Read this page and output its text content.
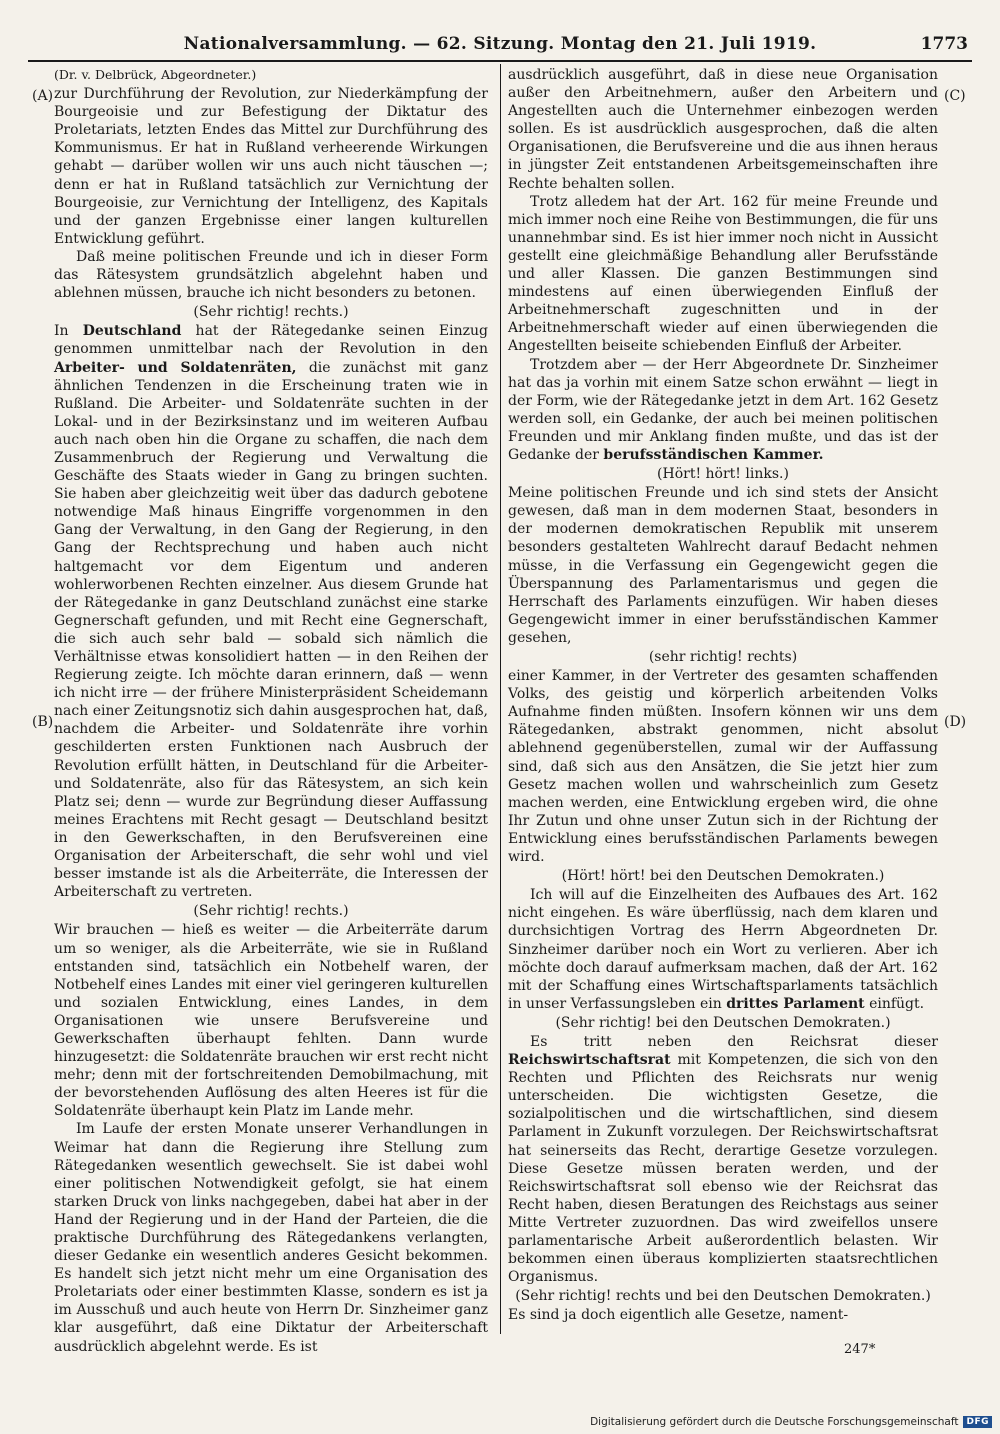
Nationalversammlung. — 62. Sitzung. Montag den 21. Juli 1919.	1773
(A)
(B)
(C)
(D)
(Dr. v. Delbrück, Abgeordneter.)

zur Durchführung der Revolution, zur Niederkämpfung der Bourgeoisie und zur Befestigung der Diktatur des Proletariats, letzten Endes das Mittel zur Durchführung des Kommunismus. Er hat in Rußland verheerende Wirkungen gehabt — darüber wollen wir uns auch nicht täuschen —; denn er hat in Rußland tatsächlich zur Vernichtung der Bourgeoisie, zur Vernichtung der Intelligenz, des Kapitals und der ganzen Ergebnisse einer langen kulturellen Entwicklung geführt.

Daß meine politischen Freunde und ich in dieser Form das Rätesystem grundsätzlich abgelehnt haben und ablehnen müssen, brauche ich nicht besonders zu betonen.

(Sehr richtig! rechts.)

In Deutschland hat der Rätegedanke seinen Einzug genommen unmittelbar nach der Revolution in den Arbeiter- und Soldatenräten, die zunächst mit ganz ähnlichen Tendenzen in die Erscheinung traten wie in Rußland. Die Arbeiter- und Soldatenräte suchten in der Lokal- und in der Bezirksinstanz und im weiteren Aufbau auch nach oben hin die Organe zu schaffen, die nach dem Zusammenbruch der Regierung und Verwaltung die Geschäfte des Staats wieder in Gang zu bringen suchten. Sie haben aber gleichzeitig weit über das dadurch gebotene notwendige Maß hinaus Eingriffe vorgenommen in den Gang der Verwaltung, in den Gang der Regierung, in den Gang der Rechtsprechung und haben auch nicht haltgemacht vor dem Eigentum und anderen wohlerworbenen Rechten einzelner. Aus diesem Grunde hat der Rätegedanke in ganz Deutschland zunächst eine starke Gegnerschaft gefunden, und mit Recht eine Gegnerschaft, die sich auch sehr bald — sobald sich nämlich die Verhältnisse etwas konsolidiert hatten — in den Reihen der Regierung zeigte. Ich möchte daran erinnern, daß — wenn ich nicht irre — der frühere Ministerpräsident Scheidemann nach einer Zeitungsnotiz sich dahin ausgesprochen hat, daß, nachdem die Arbeiter- und Soldatenräte ihre vorhin geschilderten ersten Funktionen nach Ausbruch der Revolution erfüllt hätten, in Deutschland für die Arbeiter- und Soldatenräte, also für das Rätesystem, an sich kein Platz sei; denn — wurde zur Begründung dieser Auffassung meines Erachtens mit Recht gesagt — Deutschland besitzt in den Gewerkschaften, in den Berufsvereinen eine Organisation der Arbeiterschaft, die sehr wohl und viel besser imstande ist als die Arbeiterräte, die Interessen der Arbeiterschaft zu vertreten.

(Sehr richtig! rechts.)

Wir brauchen — hieß es weiter — die Arbeiterräte darum um so weniger, als die Arbeiterräte, wie sie in Rußland entstanden sind, tatsächlich ein Notbehelf waren, der Notbehelf eines Landes mit einer viel geringeren kulturellen und sozialen Entwicklung, eines Landes, in dem Organisationen wie unsere Berufsvereine und Gewerkschaften überhaupt fehlten. Dann wurde hinzugesetzt: die Soldatenräte brauchen wir erst recht nicht mehr; denn mit der fortschreitenden Demobilmachung, mit der bevorstehenden Auflösung des alten Heeres ist für die Soldatenräte überhaupt kein Platz im Lande mehr.

Im Laufe der ersten Monate unserer Verhandlungen in Weimar hat dann die Regierung ihre Stellung zum Rätegedanken wesentlich gewechselt. Sie ist dabei wohl einer politischen Notwendigkeit gefolgt, sie hat einem starken Druck von links nachgegeben, dabei hat aber in der Hand der Regierung und in der Hand der Parteien, die die praktische Durchführung des Rätegedankens verlangten, dieser Gedanke ein wesentlich anderes Gesicht bekommen. Es handelt sich jetzt nicht mehr um eine Organisation des Proletariats oder einer bestimmten Klasse, sondern es ist ja im Ausschuß und auch heute von Herrn Dr. Sinzheimer ganz klar ausgeführt, daß eine Diktatur der Arbeiterschaft ausdrücklich abgelehnt werde. Es ist

ausdrücklich ausgeführt, daß in diese neue Organisation außer den Arbeitnehmern, außer den Arbeitern und Angestellten auch die Unternehmer einbezogen werden sollen. Es ist ausdrücklich ausgesprochen, daß die alten Organisationen, die Berufsvereine und die aus ihnen heraus in jüngster Zeit entstandenen Arbeitsgemeinschaften ihre Rechte behalten sollen.

Trotz alledem hat der Art. 162 für meine Freunde und mich immer noch eine Reihe von Bestimmungen, die für uns unannehmbar sind. Es ist hier immer noch nicht in Aussicht gestellt eine gleichmäßige Behandlung aller Berufsstände und aller Klassen. Die ganzen Bestimmungen sind mindestens auf einen überwiegenden Einfluß der Arbeitnehmerschaft zugeschnitten und in der Arbeitnehmerschaft wieder auf einen überwiegenden die Angestellten beiseite schiebenden Einfluß der Arbeiter.

Trotzdem aber — der Herr Abgeordnete Dr. Sinzheimer hat das ja vorhin mit einem Satze schon erwähnt — liegt in der Form, wie der Rätegedanke jetzt in dem Art. 162 Gesetz werden soll, ein Gedanke, der auch bei meinen politischen Freunden und mir Anklang finden mußte, und das ist der Gedanke der berufsständischen Kammer.

(Hört! hört! links.)

Meine politischen Freunde und ich sind stets der Ansicht gewesen, daß man in dem modernen Staat, besonders in der modernen demokratischen Republik mit unserem besonders gestalteten Wahlrecht darauf Bedacht nehmen müsse, in die Verfassung ein Gegengewicht gegen die Überspannung des Parlamentarismus und gegen die Herrschaft des Parlaments einzufügen. Wir haben dieses Gegengewicht immer in einer berufsständischen Kammer gesehen,

(sehr richtig! rechts)

einer Kammer, in der Vertreter des gesamten schaffenden Volks, des geistig und körperlich arbeitenden Volks Aufnahme finden müßten. Insofern können wir uns dem Rätegedanken, abstrakt genommen, nicht absolut ablehnend gegenüberstellen, zumal wir der Auffassung sind, daß sich aus den Ansätzen, die Sie jetzt hier zum Gesetz machen wollen und wahrscheinlich zum Gesetz machen werden, eine Entwicklung ergeben wird, die ohne Ihr Zutun und ohne unser Zutun sich in der Richtung der Entwicklung eines berufsständischen Parlaments bewegen wird.

(Hört! hört! bei den Deutschen Demokraten.)

Ich will auf die Einzelheiten des Aufbaues des Art. 162 nicht eingehen. Es wäre überflüssig, nach dem klaren und durchsichtigen Vortrag des Herrn Abgeordneten Dr. Sinzheimer darüber noch ein Wort zu verlieren. Aber ich möchte doch darauf aufmerksam machen, daß der Art. 162 mit der Schaffung eines Wirtschaftsparlaments tatsächlich in unser Verfassungsleben ein drittes Parlament einfügt.

(Sehr richtig! bei den Deutschen Demokraten.)

Es tritt neben den Reichsrat dieser Reichswirtschaftsrat mit Kompetenzen, die sich von den Rechten und Pflichten des Reichsrats nur wenig unterscheiden. Die wichtigsten Gesetze, die sozialpolitischen und die wirtschaftlichen, sind diesem Parlament in Zukunft vorzulegen. Der Reichswirtschaftsrat hat seinerseits das Recht, derartige Gesetze vorzulegen. Diese Gesetze müssen beraten werden, und der Reichswirtschaftsrat soll ebenso wie der Reichsrat das Recht haben, diesen Beratungen des Reichstags aus seiner Mitte Vertreter zuzuordnen. Das wird zweifellos unsere parlamentarische Arbeit außerordentlich belasten. Wir bekommen einen überaus komplizierten staatsrechtlichen Organismus.

(Sehr richtig! rechts und bei den Deutschen Demokraten.)

Es sind ja doch eigentlich alle Gesetze, nament-

247*
Digitalisierung gefördert durch die Deutsche Forschungsgemeinschaft DFG
